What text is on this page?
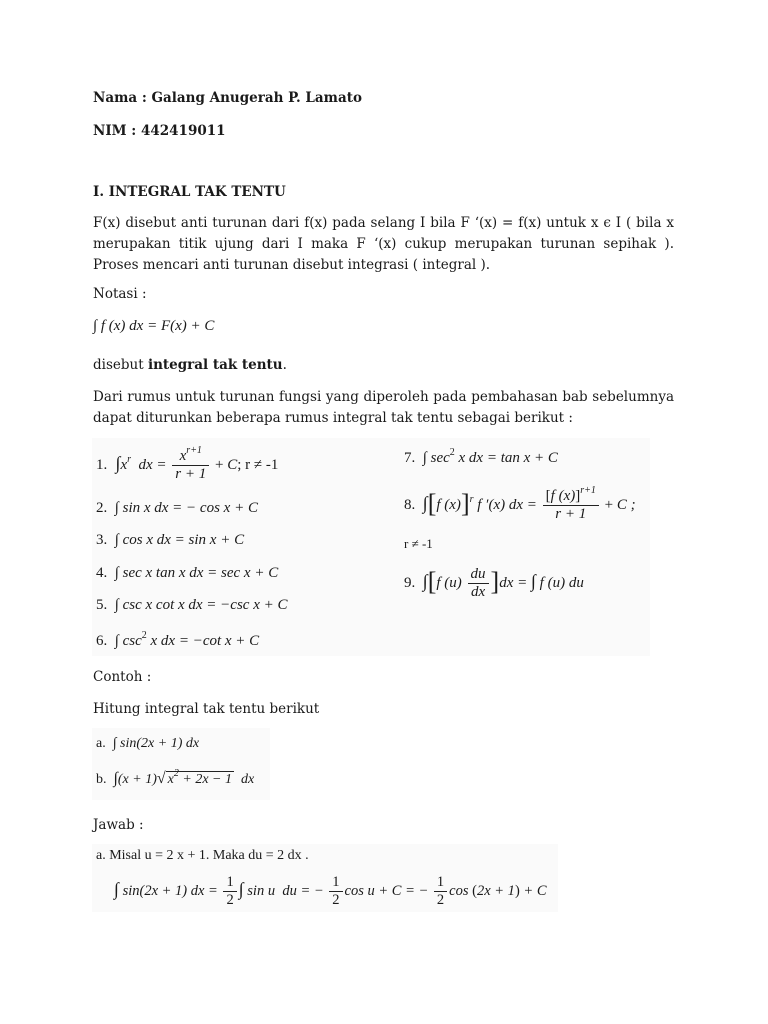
Nama : Galang Anugerah P. Lamato
NIM : 442419011
I. INTEGRAL TAK TENTU
F(x) disebut anti turunan dari f(x) pada selang I bila F ‘(x) = f(x) untuk x ϵ I ( bila x merupakan titik ujung dari I maka F ‘(x) cukup merupakan turunan sepihak ). Proses mencari anti turunan disebut integrasi ( integral ).
Notasi :
∫ f (x) dx = F(x) + C
disebut integral tak tentu.
Dari rumus untuk turunan fungsi yang diperoleh pada pembahasan bab sebelumnya dapat diturunkan beberapa rumus integral tak tentu sebagai berikut :
1.  $\int x^r$  dx = $\frac{x^{r+1}}{r + 1} + C$; r ≠ -1
2. ∫ sin x dx = − cos x + C
3. ∫ cos x dx = sin x + C
4. ∫ sec x tan x dx = sec x + C
5. ∫ csc x cot x dx = −csc x + C
6. ∫ $\csc^2 x$ dx = −cot x + C
7. ∫ $\sec^2 x$ dx = tan x + C
8. ∫[f (x)]$^r$ f ′(x) dx = $\frac{[f (x)]^{r+1}}{r + 1} + C$ ;
r ≠ -1
9. ∫[f $(u) \frac{du}{dx} ]dx$ = ∫ f (u) du
Contoh :
Hitung integral tak tentu berikut
a. ∫ sin(2x + 1) dx
b. ∫(x + 1)√ $x^2 + 2x - 1$  dx
Jawab :
a. Misal u = 2 x + 1. Maka du = 2 dx .
∫ sin(2x + 1) dx = $\frac{1}{2}$ ∫ sin u  du = − $\frac{1}{2}$ cos u + C = − $\frac{1}{2}$ cos (2x + 1) + C
